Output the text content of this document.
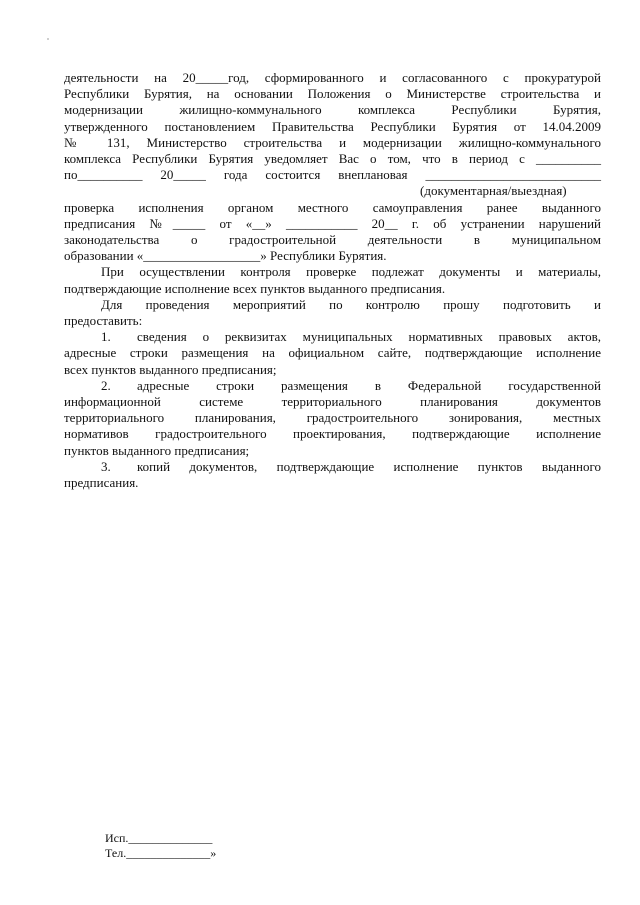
деятельности на 20_____год, сформированного и согласованного с прокуратурой

Республики Бурятия, на основании Положения о Министерстве строительства и

модернизации жилищно-коммунального комплекса Республики Бурятия,

утвержденного постановлением Правительства Республики Бурятия от 14.04.2009

№ 131, Министерство строительства и модернизации жилищно-коммунального

комплекса Республики Бурятия уведомляет Вас о том, что в период с __________

по__________ 20_____ года состоится внеплановая ___________________________

(документарная/выездная)

проверка исполнения органом местного самоуправления ранее выданного

предписания №_____ от «__» ___________ 20__ г. об устранении нарушений

законодательства о градостроительной деятельности в муниципальном

образовании «__________________» Республики Бурятия.

При осуществлении контроля проверке подлежат документы и материалы,

подтверждающие исполнение всех пунктов выданного предписания.

Для проведения мероприятий по контролю прошу подготовить и

предоставить:

1. сведения о реквизитах муниципальных нормативных правовых актов,

адресные строки размещения на официальном сайте, подтверждающие исполнение

всех пунктов выданного предписания;

2. адресные строки размещения в Федеральной государственной

информационной системе территориального планирования документов

территориального планирования, градостроительного зонирования, местных

нормативов градостроительного проектирования, подтверждающие исполнение

пунктов выданного предписания;

3. копий документов, подтверждающие исполнение пунктов выданного

предписания.

Исп.______________
Тел.______________»
